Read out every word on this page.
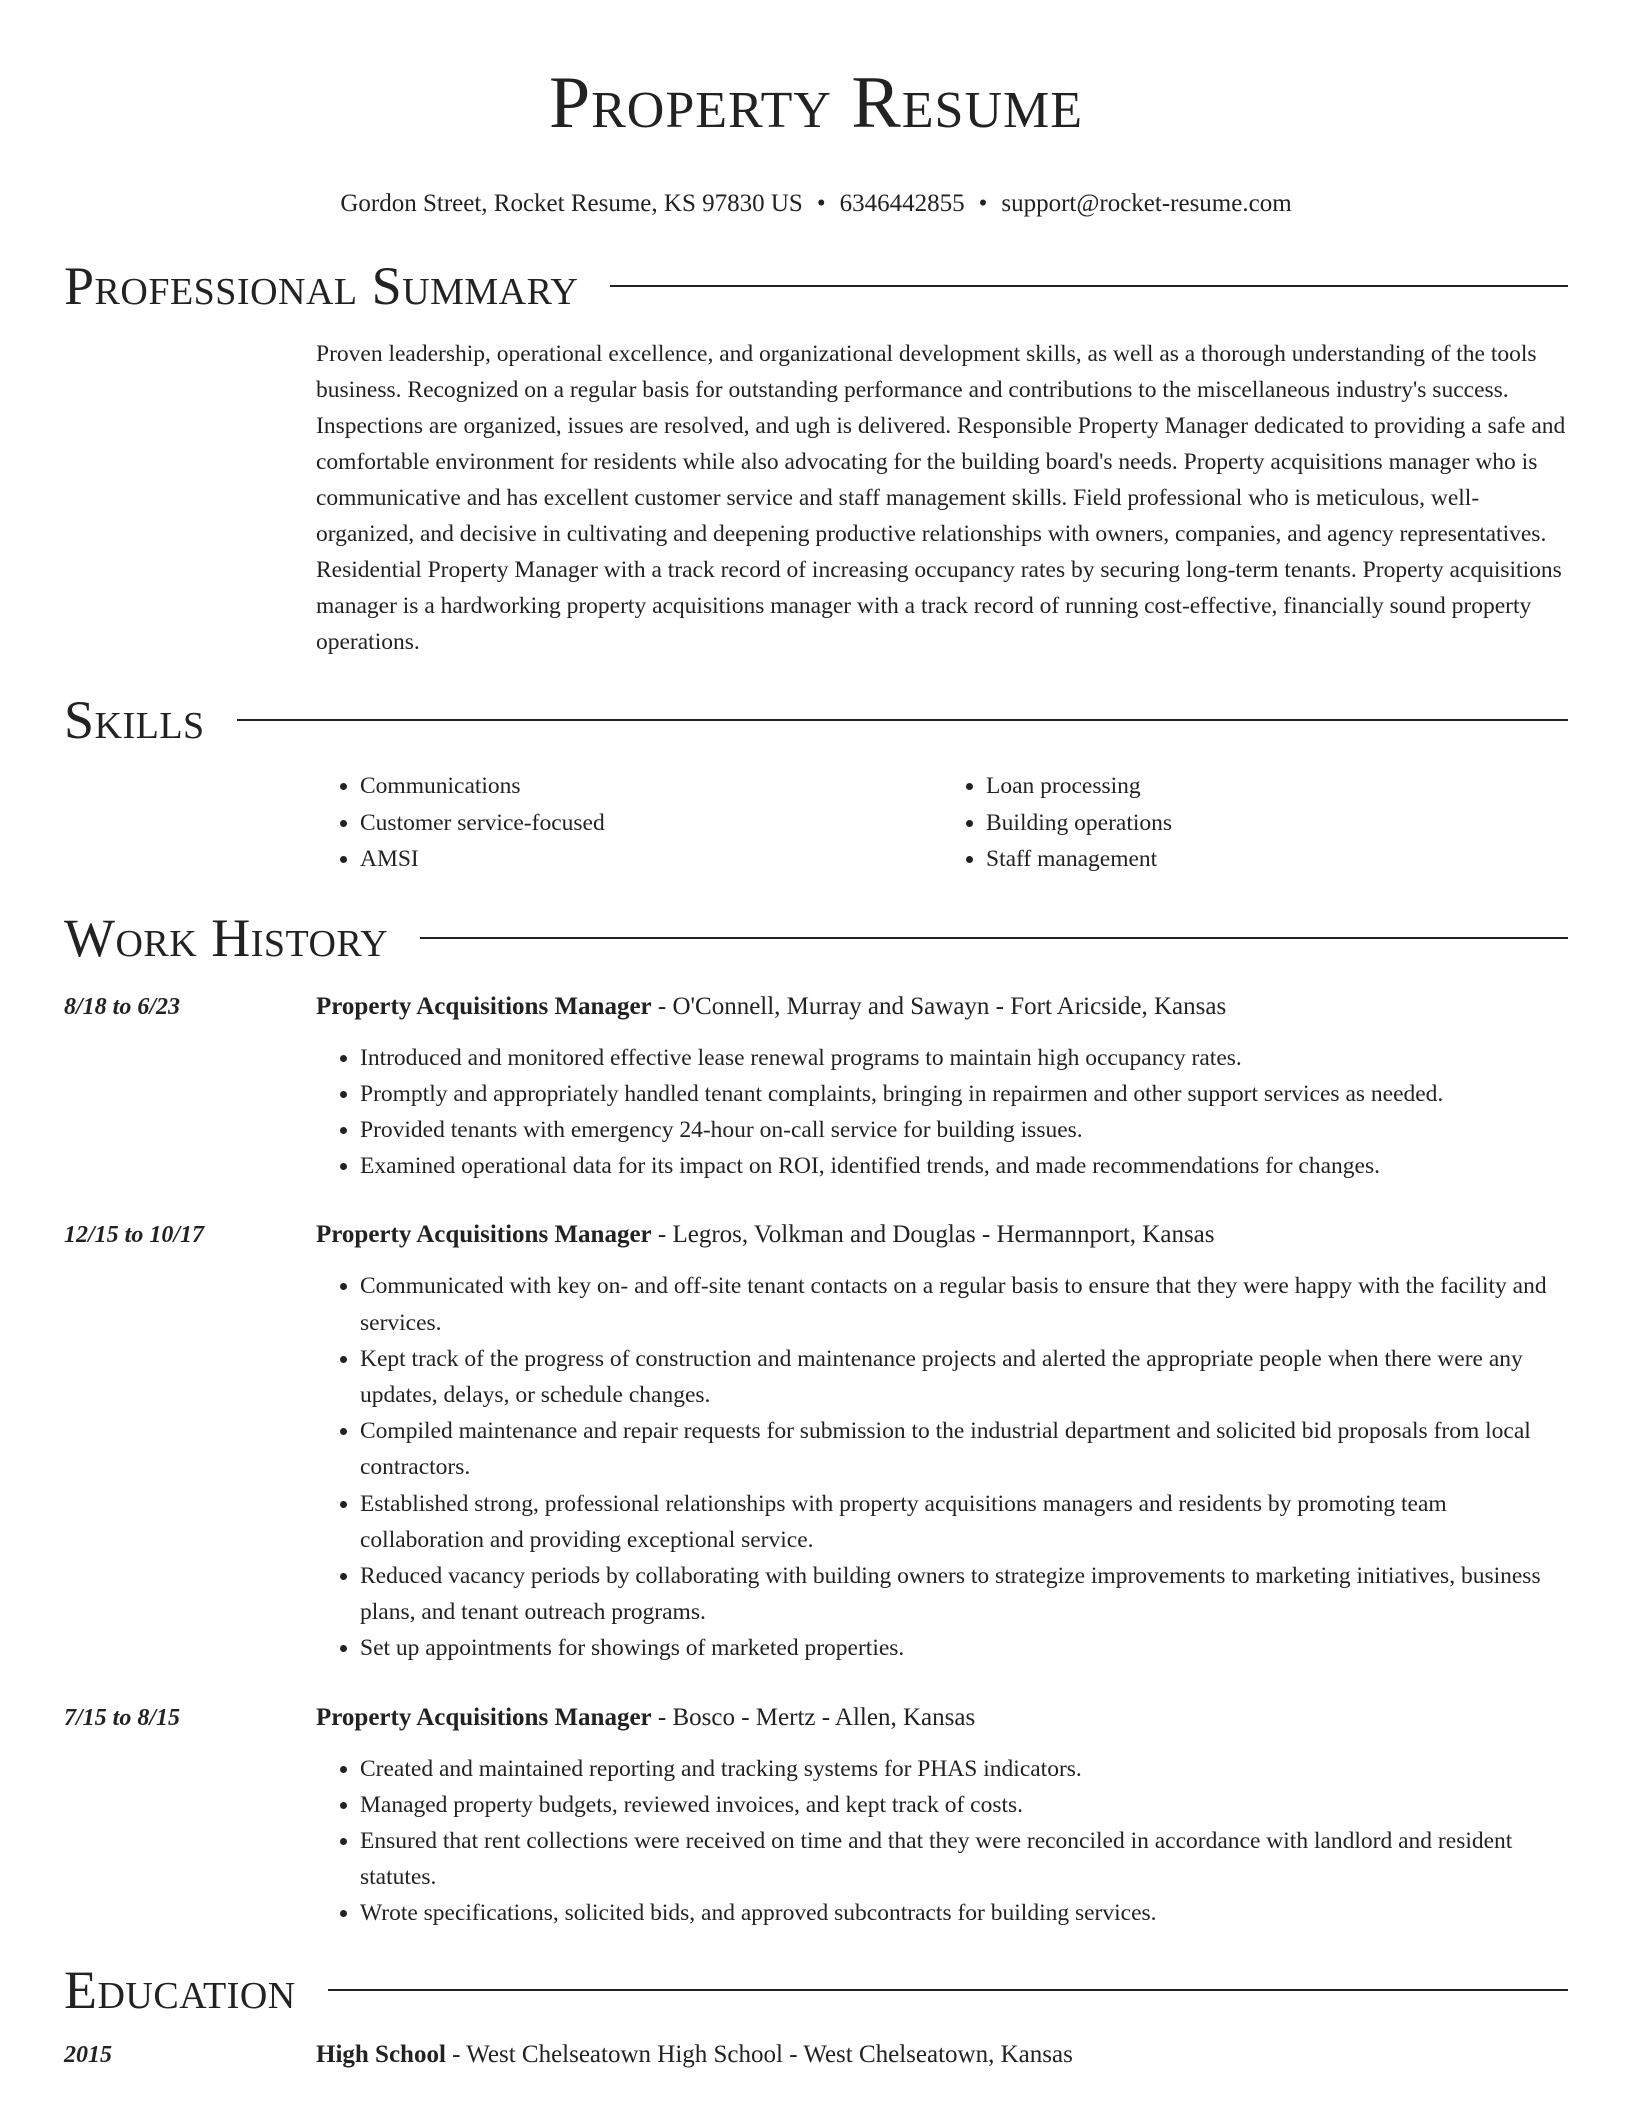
Property Resume
Gordon Street, Rocket Resume, KS 97830 US • 6346442855 • support@rocket-resume.com
Professional Summary
Proven leadership, operational excellence, and organizational development skills, as well as a thorough understanding of the tools business. Recognized on a regular basis for outstanding performance and contributions to the miscellaneous industry's success. Inspections are organized, issues are resolved, and ugh is delivered. Responsible Property Manager dedicated to providing a safe and comfortable environment for residents while also advocating for the building board's needs. Property acquisitions manager who is communicative and has excellent customer service and staff management skills. Field professional who is meticulous, well-organized, and decisive in cultivating and deepening productive relationships with owners, companies, and agency representatives. Residential Property Manager with a track record of increasing occupancy rates by securing long-term tenants. Property acquisitions manager is a hardworking property acquisitions manager with a track record of running cost-effective, financially sound property operations.
Skills
• Communications
• Customer service-focused
• AMSI
• Loan processing
• Building operations
• Staff management
Work History
8/18 to 6/23	Property Acquisitions Manager - O'Connell, Murray and Sawayn - Fort Aricside, Kansas
• Introduced and monitored effective lease renewal programs to maintain high occupancy rates.
• Promptly and appropriately handled tenant complaints, bringing in repairmen and other support services as needed.
• Provided tenants with emergency 24-hour on-call service for building issues.
• Examined operational data for its impact on ROI, identified trends, and made recommendations for changes.
12/15 to 10/17	Property Acquisitions Manager - Legros, Volkman and Douglas - Hermannport, Kansas
• Communicated with key on- and off-site tenant contacts on a regular basis to ensure that they were happy with the facility and services.
• Kept track of the progress of construction and maintenance projects and alerted the appropriate people when there were any updates, delays, or schedule changes.
• Compiled maintenance and repair requests for submission to the industrial department and solicited bid proposals from local contractors.
• Established strong, professional relationships with property acquisitions managers and residents by promoting team collaboration and providing exceptional service.
• Reduced vacancy periods by collaborating with building owners to strategize improvements to marketing initiatives, business plans, and tenant outreach programs.
• Set up appointments for showings of marketed properties.
7/15 to 8/15	Property Acquisitions Manager - Bosco - Mertz - Allen, Kansas
• Created and maintained reporting and tracking systems for PHAS indicators.
• Managed property budgets, reviewed invoices, and kept track of costs.
• Ensured that rent collections were received on time and that they were reconciled in accordance with landlord and resident statutes.
• Wrote specifications, solicited bids, and approved subcontracts for building services.
Education
2015	High School - West Chelseatown High School - West Chelseatown, Kansas
